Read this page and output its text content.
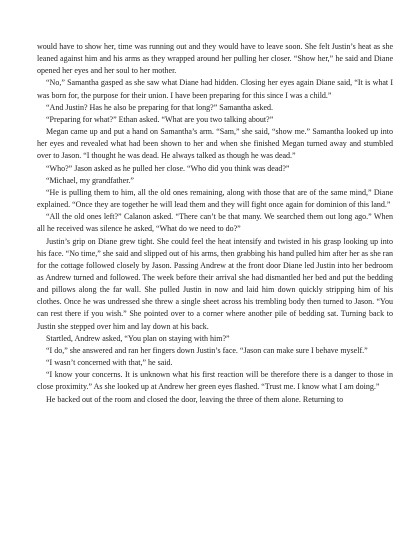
would have to show her, time was running out and they would have to leave soon. She felt Justin’s heat as she leaned against him and his arms as they wrapped around her pulling her closer. “Show her,” he said and Diane opened her eyes and her soul to her mother.

“No,” Samantha gasped as she saw what Diane had hidden. Closing her eyes again Diane said, “It is what I was born for, the purpose for their union. I have been preparing for this since I was a child.”

“And Justin? Has he also be preparing for that long?” Samantha asked.

“Preparing for what?” Ethan asked. “What are you two talking about?”

Megan came up and put a hand on Samantha’s arm. “Sam,” she said, “show me.” Samantha looked up into her eyes and revealed what had been shown to her and when she finished Megan turned away and stumbled over to Jason. “I thought he was dead. He always talked as though he was dead.”

“Who?” Jason asked as he pulled her close. “Who did you think was dead?”

“Michael, my grandfather.”

“He is pulling them to him, all the old ones remaining, along with those that are of the same mind,” Diane explained. “Once they are together he will lead them and they will fight once again for dominion of this land.”

“All the old ones left?” Calanon asked. “There can’t be that many. We searched them out long ago.” When all he received was silence he asked, “What do we need to do?”

Justin’s grip on Diane grew tight. She could feel the heat intensify and twisted in his grasp looking up into his face. “No time,” she said and slipped out of his arms, then grabbing his hand pulled him after her as she ran for the cottage followed closely by Jason. Passing Andrew at the front door Diane led Justin into her bedroom as Andrew turned and followed. The week before their arrival she had dismantled her bed and put the bedding and pillows along the far wall. She pulled Justin in now and laid him down quickly stripping him of his clothes. Once he was undressed she threw a single sheet across his trembling body then turned to Jason. “You can rest there if you wish.” She pointed over to a corner where another pile of bedding sat. Turning back to Justin she stepped over him and lay down at his back.

Startled, Andrew asked, “You plan on staying with him?”

“I do,” she answered and ran her fingers down Justin’s face. “Jason can make sure I behave myself.”

“I wasn’t concerned with that,” he said.

“I know your concerns. It is unknown what his first reaction will be therefore there is a danger to those in close proximity.” As she looked up at Andrew her green eyes flashed. “Trust me. I know what I am doing.”

He backed out of the room and closed the door, leaving the three of them alone. Returning to
